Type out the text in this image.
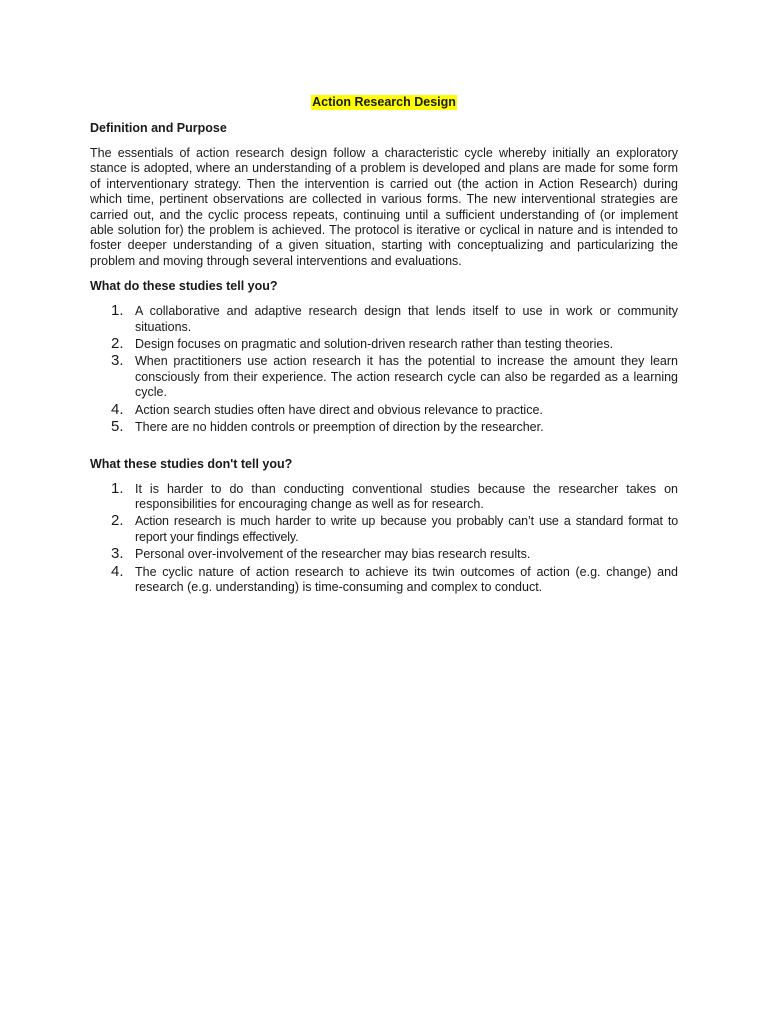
Action Research Design
Definition and Purpose

The essentials of action research design follow a characteristic cycle whereby initially an exploratory stance is adopted, where an understanding of a problem is developed and plans are made for some form of interventionary strategy. Then the intervention is carried out (the action in Action Research) during which time, pertinent observations are collected in various forms. The new interventional strategies are carried out, and the cyclic process repeats, continuing until a sufficient understanding of (or implement able solution for) the problem is achieved. The protocol is iterative or cyclical in nature and is intended to foster deeper understanding of a given situation, starting with conceptualizing and particularizing the problem and moving through several interventions and evaluations.

What do these studies tell you?
1. A collaborative and adaptive research design that lends itself to use in work or community situations.
2. Design focuses on pragmatic and solution-driven research rather than testing theories.
3. When practitioners use action research it has the potential to increase the amount they learn consciously from their experience. The action research cycle can also be regarded as a learning cycle.
4. Action search studies often have direct and obvious relevance to practice.
5. There are no hidden controls or preemption of direction by the researcher.
What these studies don't tell you?
1. It is harder to do than conducting conventional studies because the researcher takes on responsibilities for encouraging change as well as for research.
2. Action research is much harder to write up because you probably can’t use a standard format to report your findings effectively.
3. Personal over-involvement of the researcher may bias research results.
4. The cyclic nature of action research to achieve its twin outcomes of action (e.g. change) and research (e.g. understanding) is time-consuming and complex to conduct.
